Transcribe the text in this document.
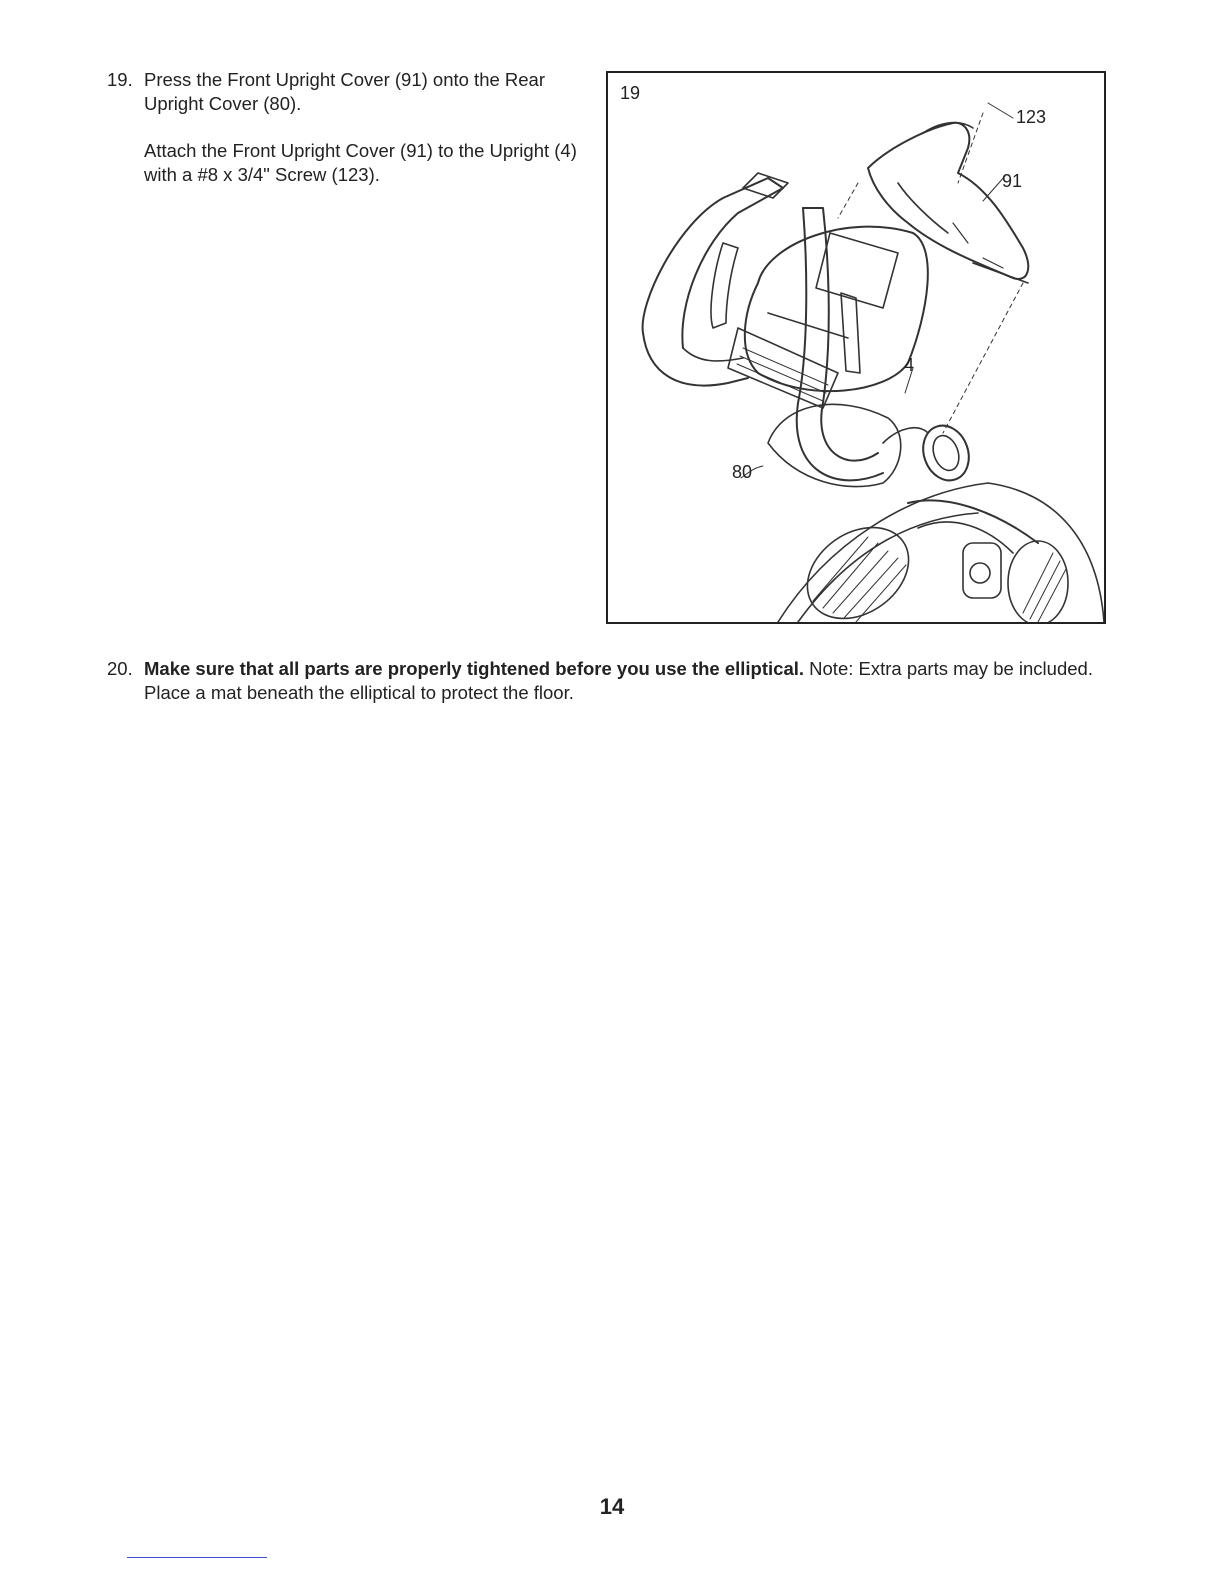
19. Press the Front Upright Cover (91) onto the Rear Upright Cover (80).
Attach the Front Upright Cover (91) to the Upright (4) with a #8 x 3/4" Screw (123).
19
123
91
4
80
20. Make sure that all parts are properly tightened before you use the elliptical. Note: Extra parts may be included. Place a mat beneath the elliptical to protect the floor.
14
